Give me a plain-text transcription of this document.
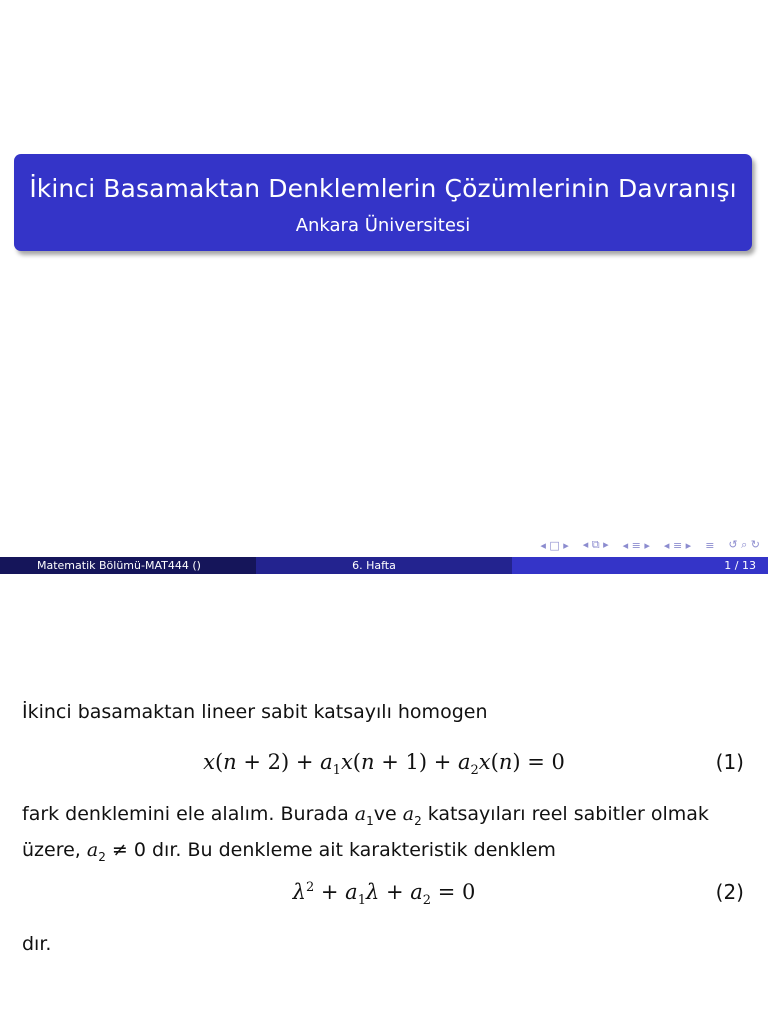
İkinci Basamaktan Denklemlerin Çözümlerinin Davranışı
Ankara Üniversitesi
◂ □ ▸ ◂ ⧉ ▸ ◂ ≡ ▸ ◂ ≡ ▸ ≡ ↺ ⌕ ↻
Matematik Bölümü-MAT444 ()	6. Hafta	1 / 13
İkinci basamaktan lineer sabit katsayılı homogen
$x(n + 2) + a_1x(n + 1) + a_2x(n) = 0$	(1)
fark denklemini ele alalım. Burada $a_1ve$ $a_2$ katsayıları reel sabitler olmak
üzere, $a_2 \ne 0$ dır. Bu denkleme ait karakteristik denklem
$\lambda^2 + a_1\lambda + a_2 = 0$	(2)
dır.
